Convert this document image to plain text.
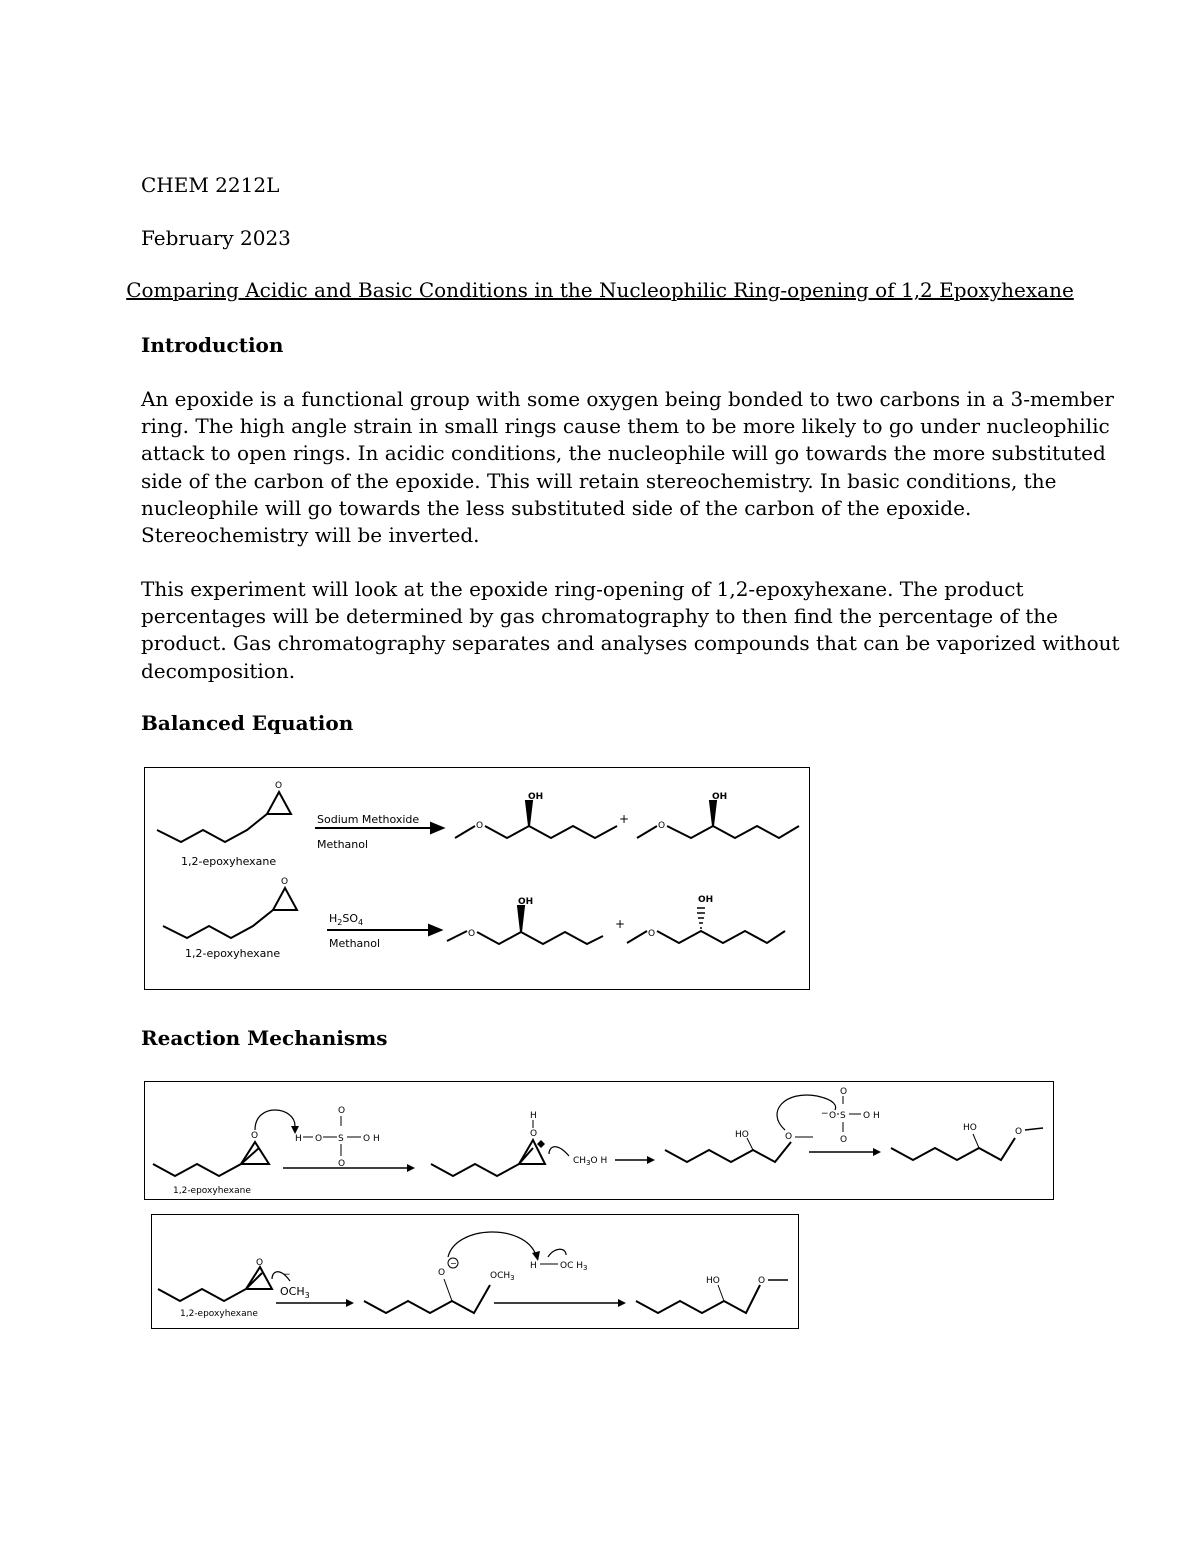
CHEM 2212L
February 2023
Comparing Acidic and Basic Conditions in the Nucleophilic Ring-opening of 1,2 Epoxyhexane
Introduction
An epoxide is a functional group with some oxygen being bonded to two carbons in a 3-member
ring. The high angle strain in small rings cause them to be more likely to go under nucleophilic
attack to open rings. In acidic conditions, the nucleophile will go towards the more substituted
side of the carbon of the epoxide. This will retain stereochemistry. In basic conditions, the
nucleophile will go towards the less substituted side of the carbon of the epoxide.
Stereochemistry will be inverted.
This experiment will look at the epoxide ring-opening of 1,2-epoxyhexane. The product
percentages will be determined by gas chromatography to then find the percentage of the
product. Gas chromatography separates and analyses compounds that can be vaporized without
decomposition.
Balanced Equation
O
1,2-epoxyhexane
Sodium Methoxide
Methanol
O
OH
+	O
OH
O
1,2-epoxyhexane
$H_2SO_4$
Methanol
O
OH
+
O
OH
Reaction Mechanisms
O
1,2-epoxyhexane
H O S O H
O
O
O
H
$CH_3O$ H
HO	O
− O S O H
O
O
HO	O
O
1,2-epoxyhexane
−
$OCH_3$
O
−
$OCH_3$
H	OC $H_3$
HO	O
